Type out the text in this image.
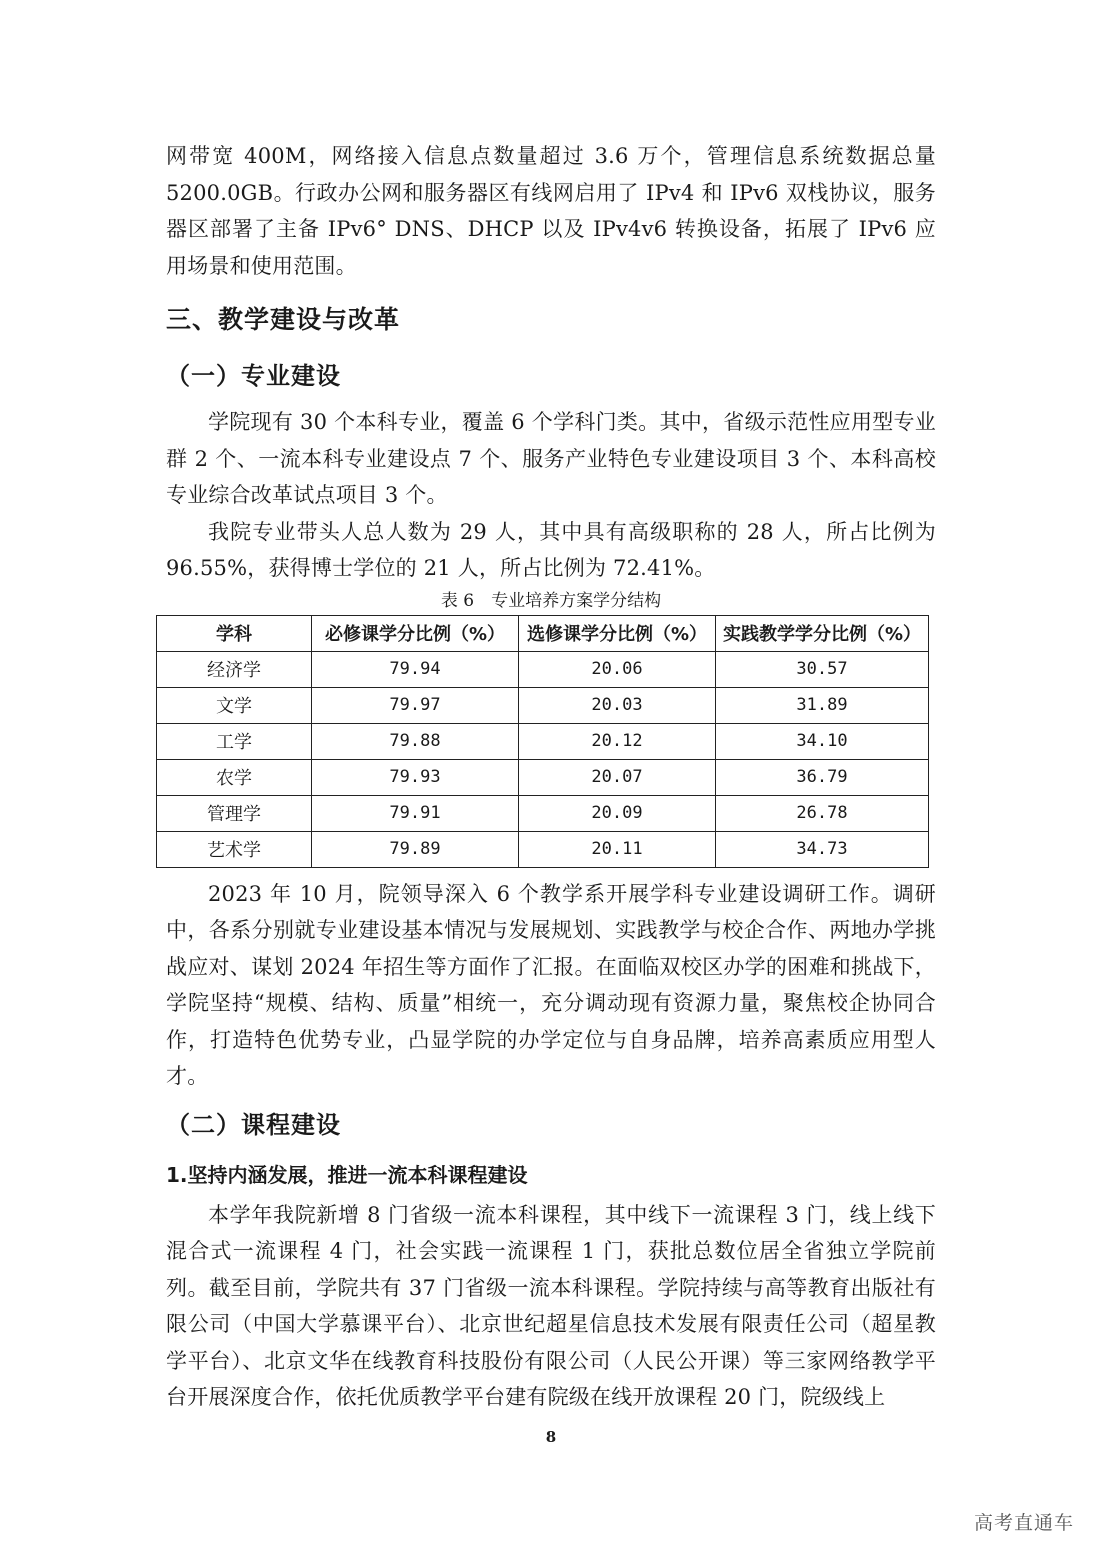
网带宽 400M，网络接入信息点数量超过 3.6 万个，管理信息系统数据总量 5200.0GB。行政办公网和服务器区有线网启用了 IPv4 和 IPv6 双栈协议，服务器区部署了主备 IPv6° DNS、DHCP 以及 IPv4v6 转换设备，拓展了 IPv6 应用场景和使用范围。

三、教学建设与改革
（一）专业建设

学院现有 30 个本科专业，覆盖 6 个学科门类。其中，省级示范性应用型专业群 2 个、一流本科专业建设点 7 个、服务产业特色专业建设项目 3 个、本科高校专业综合改革试点项目 3 个。

我院专业带头人总人数为 29 人，其中具有高级职称的 28 人，所占比例为 96.55%，获得博士学位的 21 人，所占比例为 72.41%。

表 6　专业培养方案学分结构
学科	必修课学分比例（%）	选修课学分比例（%）	实践教学学分比例（%）
经济学	79.94	20.06	30.57
文学	79.97	20.03	31.89
工学	79.88	20.12	34.10
农学	79.93	20.07	36.79
管理学	79.91	20.09	26.78
艺术学	79.89	20.11	34.73

2023 年 10 月，院领导深入 6 个教学系开展学科专业建设调研工作。调研中，各系分别就专业建设基本情况与发展规划、实践教学与校企合作、两地办学挑战应对、谋划 2024 年招生等方面作了汇报。在面临双校区办学的困难和挑战下，学院坚持“规模、结构、质量”相统一，充分调动现有资源力量，聚焦校企协同合作，打造特色优势专业，凸显学院的办学定位与自身品牌，培养高素质应用型人才。

（二）课程建设
1.坚持内涵发展，推进一流本科课程建设

本学年我院新增 8 门省级一流本科课程，其中线下一流课程 3 门，线上线下混合式一流课程 4 门，社会实践一流课程 1 门，获批总数位居全省独立学院前列。截至目前，学院共有 37 门省级一流本科课程。学院持续与高等教育出版社有限公司（中国大学慕课平台）、北京世纪超星信息技术发展有限责任公司（超星教学平台）、北京文华在线教育科技股份有限公司（人民公开课）等三家网络教学平台开展深度合作，依托优质教学平台建有院级在线开放课程 20 门，院级线上

8
高考直通车
